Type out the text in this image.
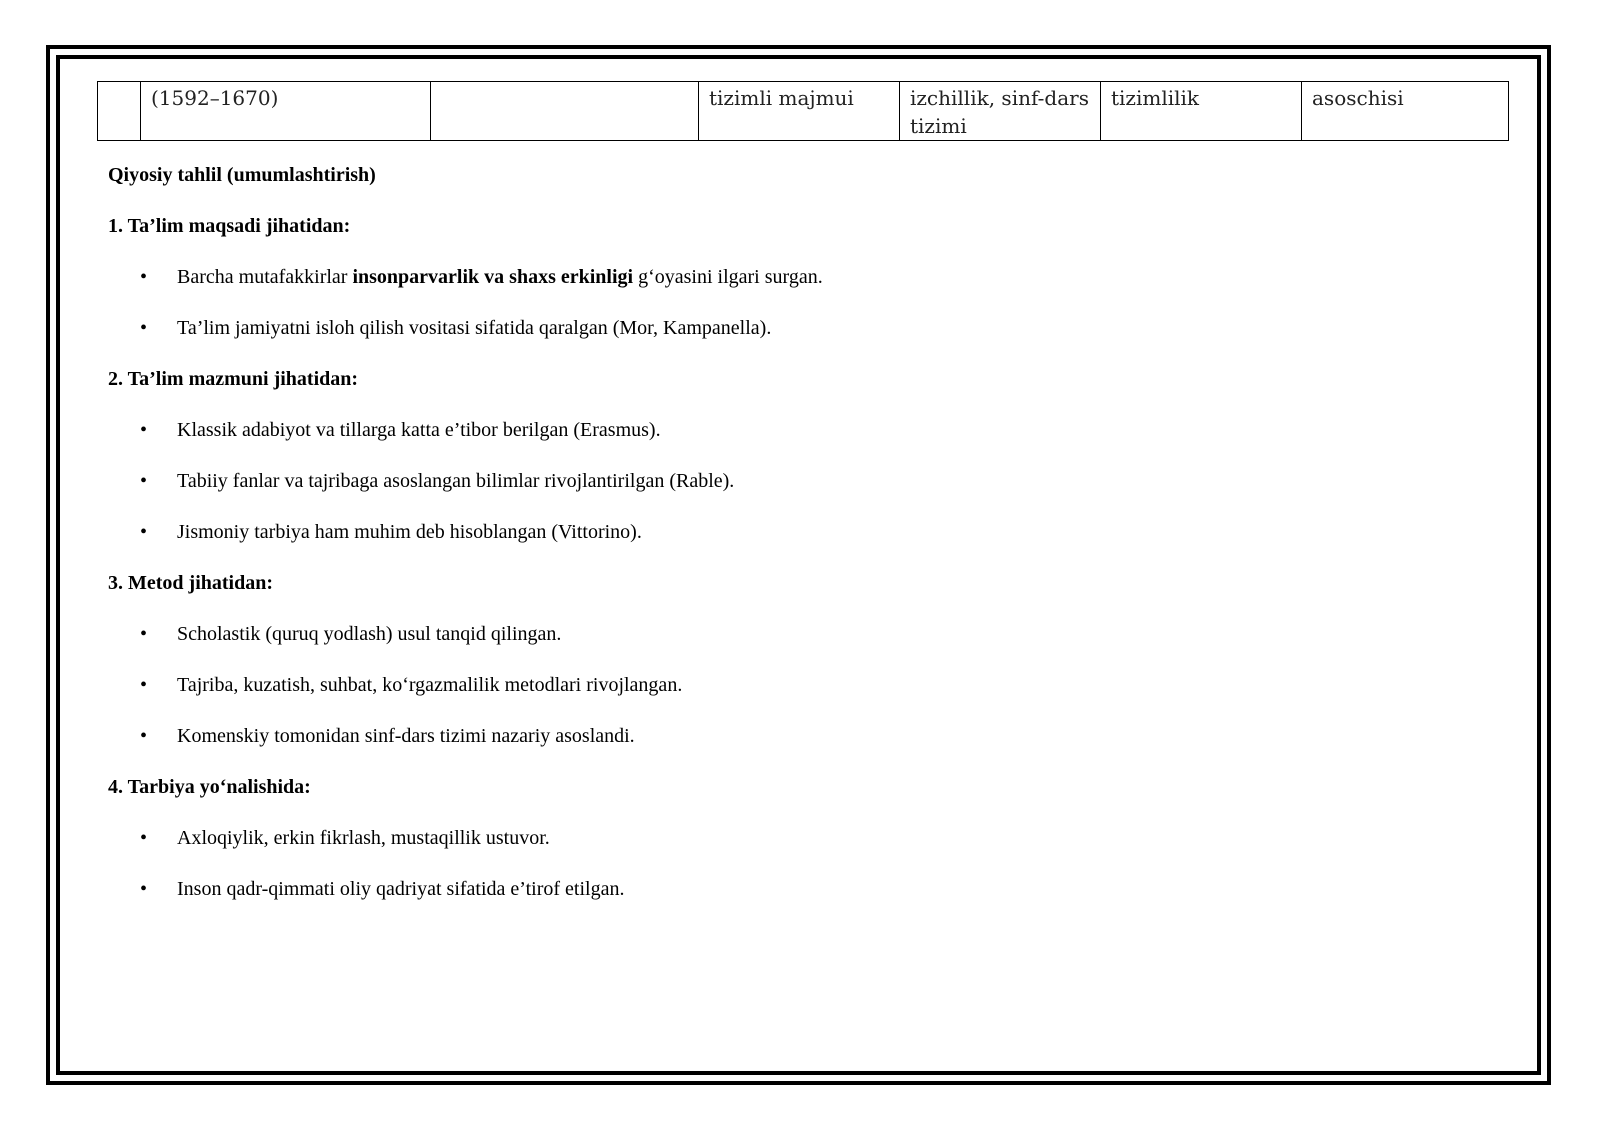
	(1592–1670)		tizimli majmui	izchillik, sinf-dars tizimi	tizimlilik	asoschisi
Qiyosiy tahlil (umumlashtirish)
1. Ta’lim maqsadi jihatidan:
• Barcha mutafakkirlar insonparvarlik va shaxs erkinligi g‘oyasini ilgari surgan.
• Ta’lim jamiyatni isloh qilish vositasi sifatida qaralgan (Mor, Kampanella).
2. Ta’lim mazmuni jihatidan:
• Klassik adabiyot va tillarga katta e’tibor berilgan (Erasmus).
• Tabiiy fanlar va tajribaga asoslangan bilimlar rivojlantirilgan (Rable).
• Jismoniy tarbiya ham muhim deb hisoblangan (Vittorino).
3. Metod jihatidan:
• Scholastik (quruq yodlash) usul tanqid qilingan.
• Tajriba, kuzatish, suhbat, ko‘rgazmalilik metodlari rivojlangan.
• Komenskiy tomonidan sinf-dars tizimi nazariy asoslandi.
4. Tarbiya yo‘nalishida:
• Axloqiylik, erkin fikrlash, mustaqillik ustuvor.
• Inson qadr-qimmati oliy qadriyat sifatida e’tirof etilgan.
